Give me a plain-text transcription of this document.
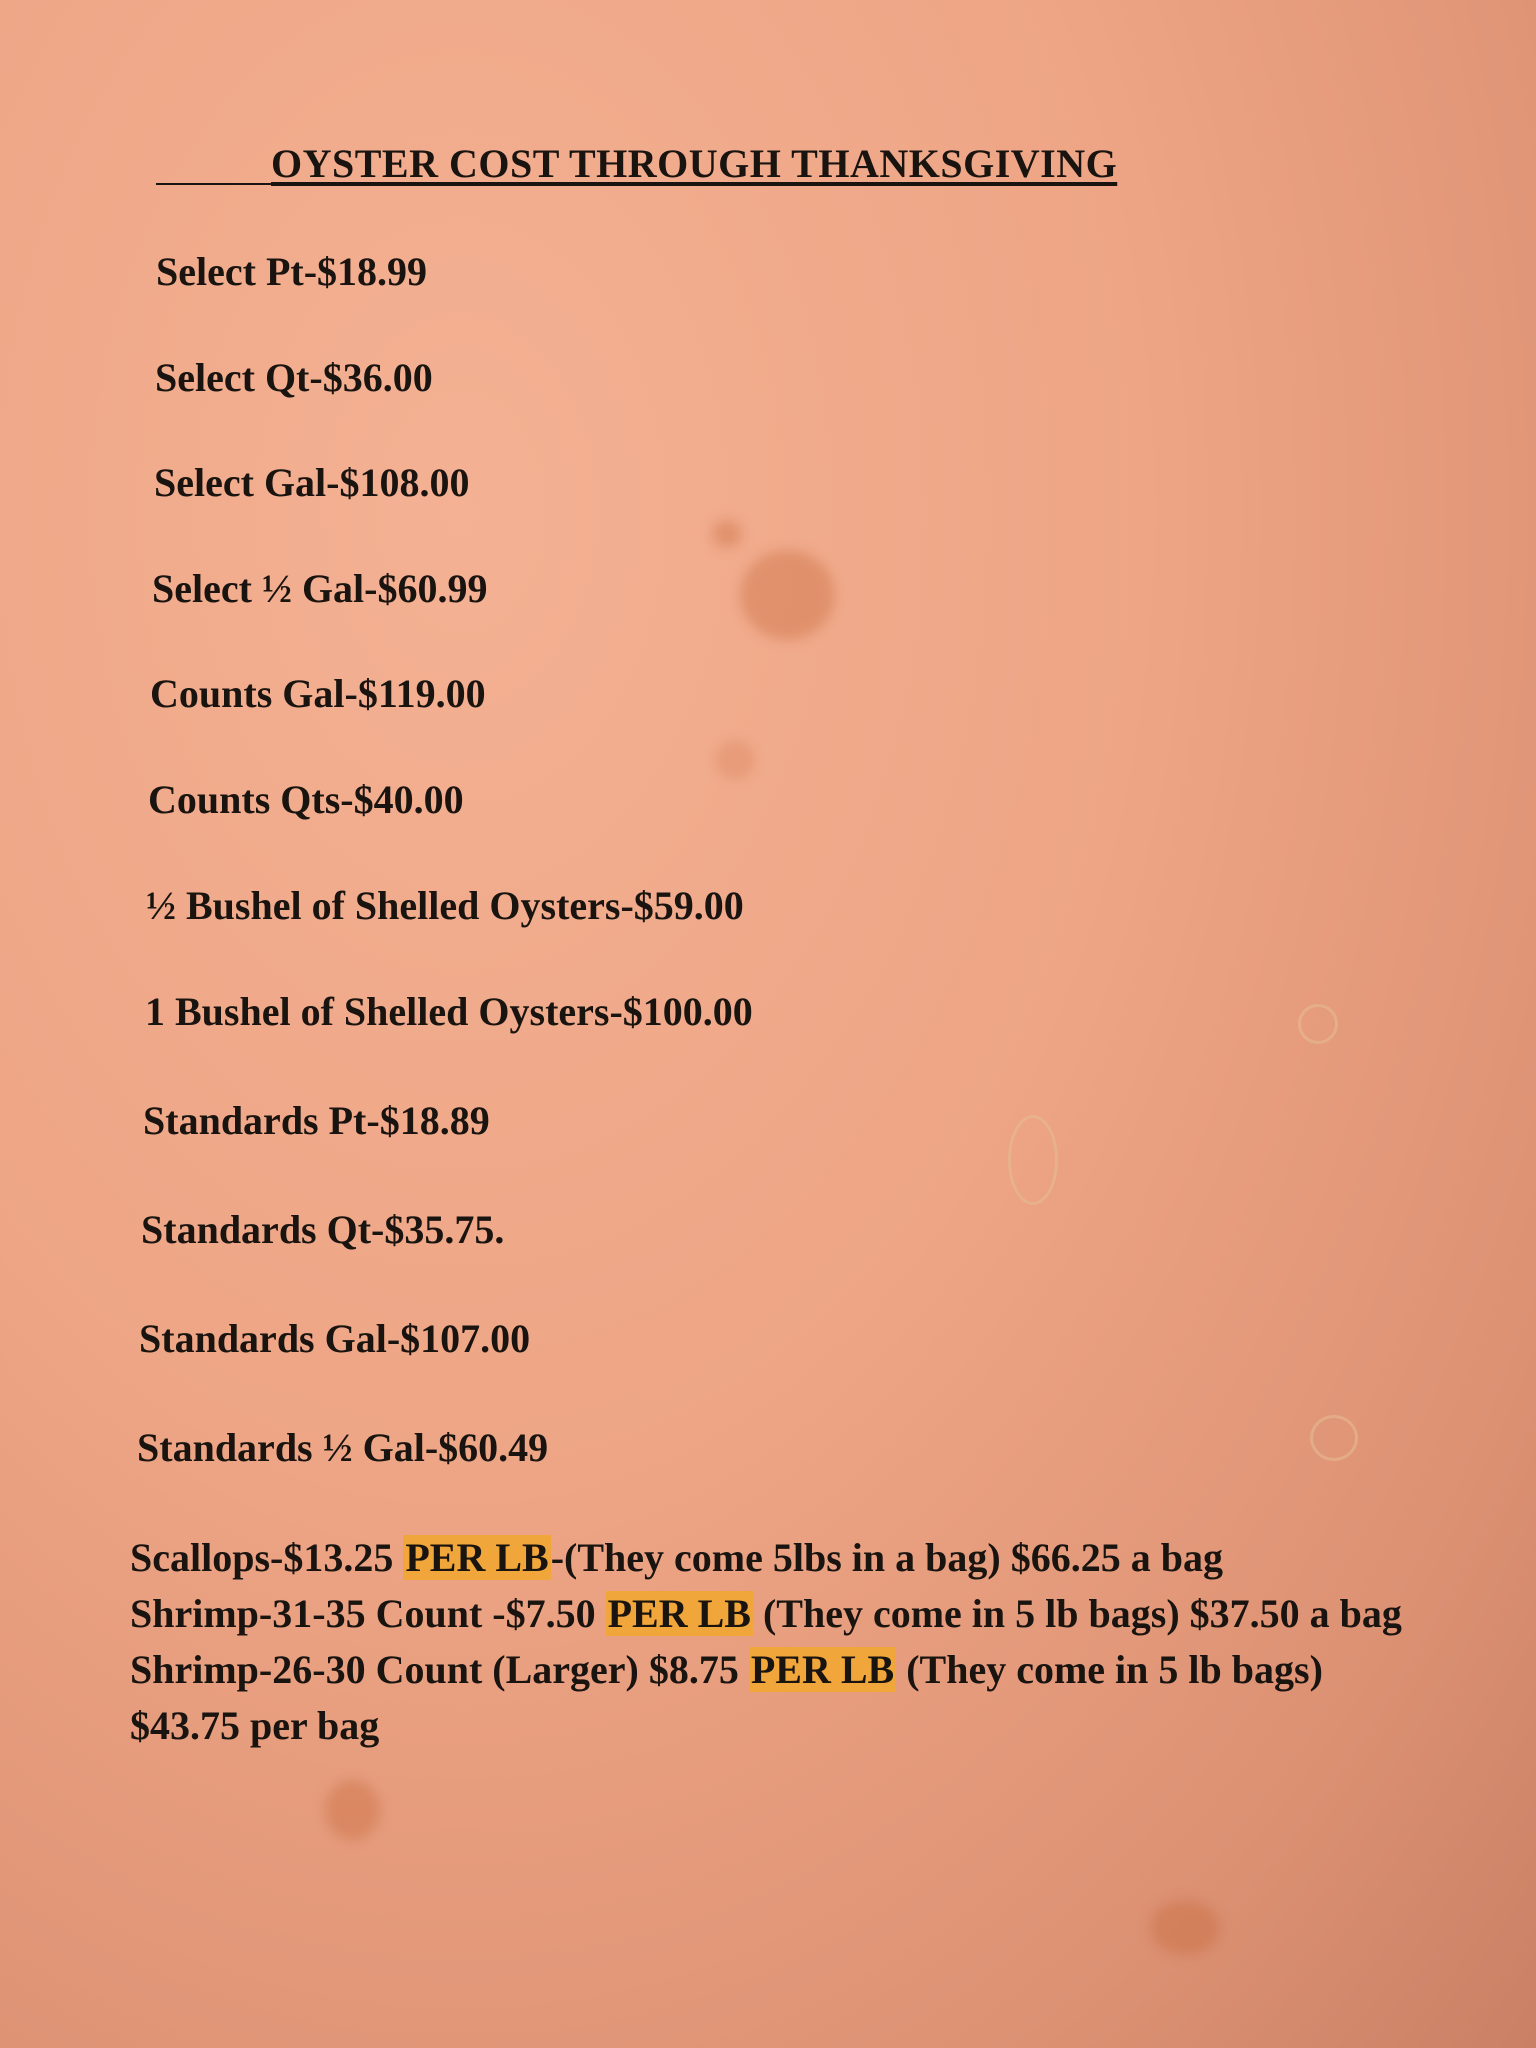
OYSTER COST THROUGH THANKSGIVING
Select Pt-$18.99
Select Qt-$36.00
Select Gal-$108.00
Select ½ Gal-$60.99
Counts Gal-$119.00
Counts Qts-$40.00
½ Bushel of Shelled Oysters-$59.00
1 Bushel of Shelled Oysters-$100.00
Standards Pt-$18.89
Standards Qt-$35.75.
Standards Gal-$107.00
Standards ½ Gal-$60.49
Scallops-$13.25 PER LB-(They come 5lbs in a bag) $66.25 a bag
Shrimp-31-35 Count -$7.50 PER LB (They come in 5 lb bags) $37.50 a bag
Shrimp-26-30 Count (Larger) $8.75 PER LB (They come in 5 lb bags) $43.75 per bag
